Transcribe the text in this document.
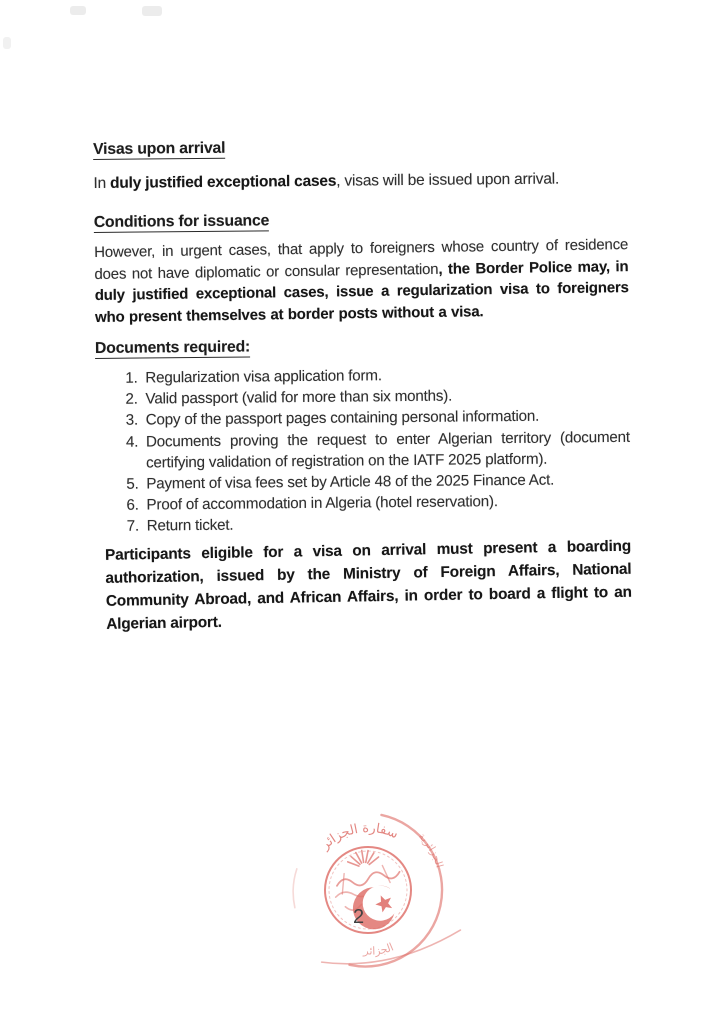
Visas upon arrival

In duly justified exceptional cases, visas will be issued upon arrival.

Conditions for issuance

However, in urgent cases, that apply to foreigners whose country of residence does not have diplomatic or consular representation, the Border Police may, in duly justified exceptional cases, issue a regularization visa to foreigners who present themselves at border posts without a visa.

Documents required:
1. Regularization visa application form.
2. Valid passport (valid for more than six months).
3. Copy of the passport pages containing personal information.
4. Documents proving the request to enter Algerian territory (document certifying validation of registration on the IATF 2025 platform).
5. Payment of visa fees set by Article 48 of the 2025 Finance Act.
6. Proof of accommodation in Algeria (hotel reservation).
7. Return ticket.

Participants eligible for a visa on arrival must present a boarding authorization, issued by the Ministry of Foreign Affairs, National Community Abroad, and African Affairs, in order to board a flight to an Algerian airport.

سفارة الجزائر الجزائرية
الجزائر
2
